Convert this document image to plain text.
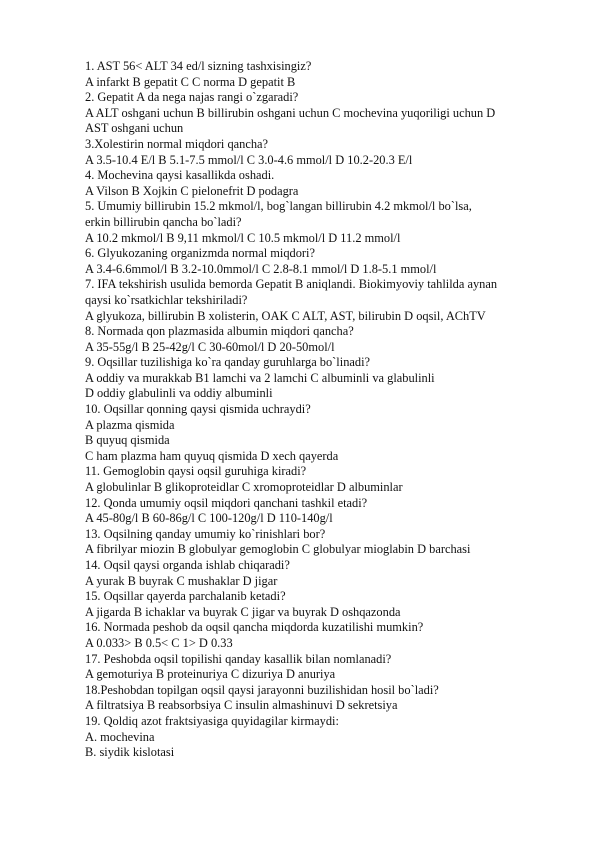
1. AST 56< ALT 34 ed/l sizning tashxisingiz?
A infarkt B gepatit C C norma D gepatit B
2. Gepatit A da nega najas rangi o`zgaradi?
A ALT oshgani uchun B billirubin oshgani uchun C mochevina yuqoriligi uchun D
AST oshgani uchun
3.Xolestirin normal miqdori qancha?
A 3.5-10.4 E/l B 5.1-7.5 mmol/l C 3.0-4.6 mmol/l D 10.2-20.3 E/l
4. Mochevina qaysi kasallikda oshadi.
A Vilson B Xojkin C pielonefrit D podagra
5. Umumiy billirubin 15.2 mkmol/l, bog`langan billirubin 4.2 mkmol/l bo`lsa,
erkin billirubin qancha bo`ladi?
A 10.2 mkmol/l B 9,11 mkmol/l C 10.5 mkmol/l D 11.2 mmol/l
6. Glyukozaning organizmda normal miqdori?
A 3.4-6.6mmol/l B 3.2-10.0mmol/l C 2.8-8.1 mmol/l D 1.8-5.1 mmol/l
7. IFA tekshirish usulida bemorda Gepatit B aniqlandi. Biokimyoviy tahlilda aynan
qaysi ko`rsatkichlar tekshiriladi?
A glyukoza, billirubin B xolisterin, OAK C ALT, AST, bilirubin D oqsil, AChTV
8. Normada qon plazmasida albumin miqdori qancha?
A 35-55g/l B 25-42g/l C 30-60mol/l D 20-50mol/l
9. Oqsillar tuzilishiga ko`ra qanday guruhlarga bo`linadi?
A oddiy va murakkab B1 lamchi va 2 lamchi C albuminli va glabulinli
D oddiy glabulinli va oddiy albuminli
10. Oqsillar qonning qaysi qismida uchraydi?
A plazma qismida
B quyuq qismida
C ham plazma ham quyuq qismida D xech qayerda
11. Gemoglobin qaysi oqsil guruhiga kiradi?
A globulinlar B glikoproteidlar C xromoproteidlar D albuminlar
12. Qonda umumiy oqsil miqdori qanchani tashkil etadi?
A 45-80g/l B 60-86g/l C 100-120g/l D 110-140g/l
13. Oqsilning qanday umumiy ko`rinishlari bor?
A fibrilyar miozin B globulyar gemoglobin C globulyar mioglabin D barchasi
14. Oqsil qaysi organda ishlab chiqaradi?
A yurak B buyrak C mushaklar D jigar
15. Oqsillar qayerda parchalanib ketadi?
A jigarda B ichaklar va buyrak C jigar va buyrak D oshqazonda
16. Normada peshob da oqsil qancha miqdorda kuzatilishi mumkin?
A 0.033> B 0.5< C 1> D 0.33
17. Peshobda oqsil topilishi qanday kasallik bilan nomlanadi?
A gemoturiya B proteinuriya C dizuriya D anuriya
18.Peshobdan topilgan oqsil qaysi jarayonni buzilishidan hosil bo`ladi?
A filtratsiya B reabsorbsiya C insulin almashinuvi D sekretsiya
19. Qoldiq azot fraktsiyasiga quyidagilar kirmaydi:
A. mochevina
B. siydik kislotasi
